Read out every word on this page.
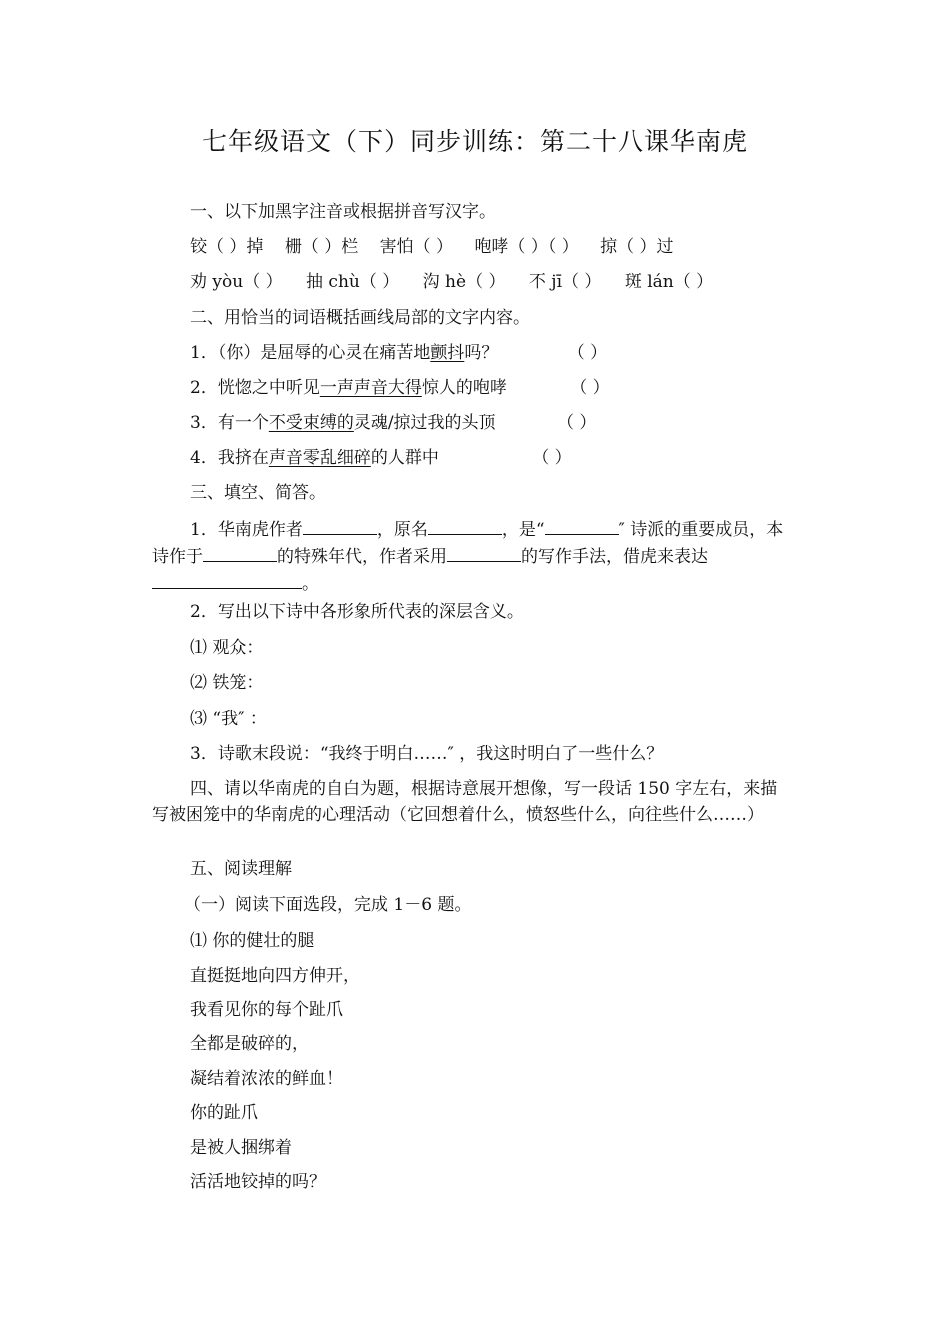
七年级语文（下）同步训练：第二十八课华南虎
一、以下加黑字注音或根据拼音写汉字。
铰（ ）掉 栅（ ）栏 害怕（ ） 咆哮（ ）（ ） 掠（ ）过
劝 yòu（ ） 抽 chù（ ） 沟 hè（ ） 不 jī（ ） 斑 lán（ ）
二、用恰当的词语概括画线局部的文字内容。
1．（你）是屈辱的心灵在痛苦地颤抖吗？	（ ）
2．恍惚之中听见一声声音大得惊人的咆哮	（ ）
3．有一个不受束缚的灵魂/掠过我的头顶	（ ）
4．我挤在声音零乱细碎的人群中	（ ）
三、填空、简答。
1．华南虎作者	，原名	，是“	″ 诗派的重要成员，本诗作于	的特殊年代，作者采用	的写作手法，借虎来表达。
2．写出以下诗中各形象所代表的深层含义。
⑴ 观众：
⑵ 铁笼：
⑶ “我″ ：
3．诗歌末段说：“我终于明白……″ ，我这时明白了一些什么？
四、请以华南虎的自白为题，根据诗意展开想像，写一段话 150 字左右，来描写被困笼中的华南虎的心理活动（它回想着什么，愤怒些什么，向往些什么……）
五、阅读理解
（一）阅读下面选段，完成 1－6 题。
⑴ 你的健壮的腿
直挺挺地向四方伸开，
我看见你的每个趾爪
全都是破碎的，
凝结着浓浓的鲜血！
你的趾爪
是被人捆绑着
活活地铰掉的吗？
